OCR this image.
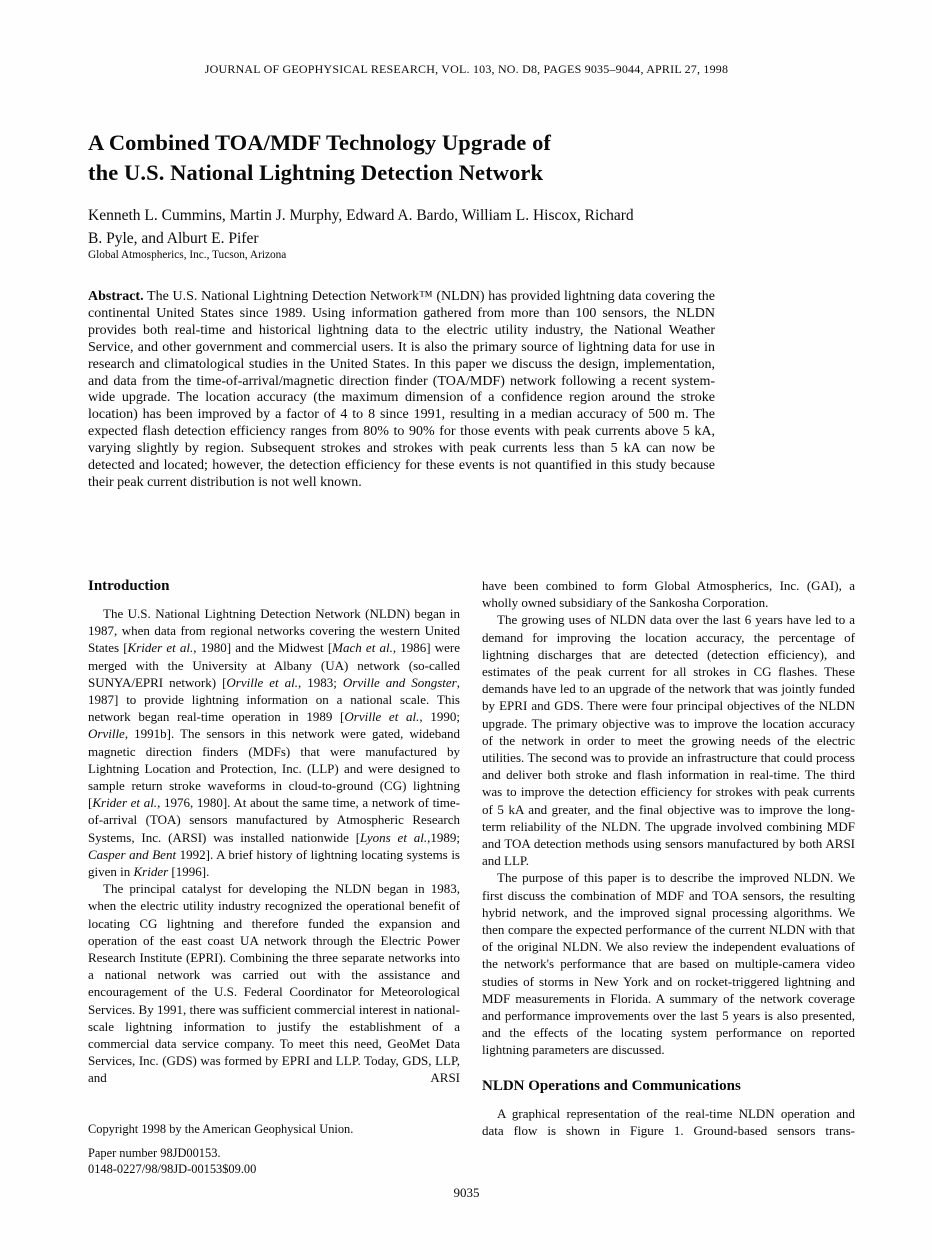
JOURNAL OF GEOPHYSICAL RESEARCH, VOL. 103, NO. D8, PAGES 9035–9044, APRIL 27, 1998
A Combined TOA/MDF Technology Upgrade of
the U.S. National Lightning Detection Network
Kenneth L. Cummins, Martin J. Murphy, Edward A. Bardo, William L. Hiscox, Richard
B. Pyle, and Alburt E. Pifer
Global Atmospherics, Inc., Tucson, Arizona
Abstract. The U.S. National Lightning Detection Network™ (NLDN) has provided lightning data covering the continental United States since 1989. Using information gathered from more than 100 sensors, the NLDN provides both real-time and historical lightning data to the electric utility industry, the National Weather Service, and other government and commercial users. It is also the primary source of lightning data for use in research and climatological studies in the United States. In this paper we discuss the design, implementation, and data from the time-of-arrival/magnetic direction finder (TOA/MDF) network following a recent system-wide upgrade. The location accuracy (the maximum dimension of a confidence region around the stroke location) has been improved by a factor of 4 to 8 since 1991, resulting in a median accuracy of 500 m. The expected flash detection efficiency ranges from 80% to 90% for those events with peak currents above 5 kA, varying slightly by region. Subsequent strokes and strokes with peak currents less than 5 kA can now be detected and located; however, the detection efficiency for these events is not quantified in this study because their peak current distribution is not well known.
Introduction

The U.S. National Lightning Detection Network (NLDN) began in 1987, when data from regional networks covering the western United States [Krider et al., 1980] and the Midwest [Mach et al., 1986] were merged with the University at Albany (UA) network (so-called SUNYA/EPRI network) [Orville et al., 1983; Orville and Songster, 1987] to provide lightning information on a national scale. This network began real-time operation in 1989 [Orville et al., 1990; Orville, 1991b]. The sensors in this network were gated, wideband magnetic direction finders (MDFs) that were manufactured by Lightning Location and Protection, Inc. (LLP) and were designed to sample return stroke waveforms in cloud-to-ground (CG) lightning [Krider et al., 1976, 1980]. At about the same time, a network of time-of-arrival (TOA) sensors manufactured by Atmospheric Research Systems, Inc. (ARSI) was installed nationwide [Lyons et al.,1989; Casper and Bent 1992]. A brief history of lightning locating systems is given in Krider [1996].

The principal catalyst for developing the NLDN began in 1983, when the electric utility industry recognized the operational benefit of locating CG lightning and therefore funded the expansion and operation of the east coast UA network through the Electric Power Research Institute (EPRI). Combining the three separate networks into a national network was carried out with the assistance and encouragement of the U.S. Federal Coordinator for Meteorological Services. By 1991, there was sufficient commercial interest in national-scale lightning information to justify the establishment of a commercial data service company. To meet this need, GeoMet Data Services, Inc. (GDS) was formed by EPRI and LLP. Today, GDS, LLP, and ARSI

have been combined to form Global Atmospherics, Inc. (GAI), a wholly owned subsidiary of the Sankosha Corporation.

The growing uses of NLDN data over the last 6 years have led to a demand for improving the location accuracy, the percentage of lightning discharges that are detected (detection efficiency), and estimates of the peak current for all strokes in CG flashes. These demands have led to an upgrade of the network that was jointly funded by EPRI and GDS. There were four principal objectives of the NLDN upgrade. The primary objective was to improve the location accuracy of the network in order to meet the growing needs of the electric utilities. The second was to provide an infrastructure that could process and deliver both stroke and flash information in real-time. The third was to improve the detection efficiency for strokes with peak currents of 5 kA and greater, and the final objective was to improve the long-term reliability of the NLDN. The upgrade involved combining MDF and TOA detection methods using sensors manufactured by both ARSI and LLP.

The purpose of this paper is to describe the improved NLDN. We first discuss the combination of MDF and TOA sensors, the resulting hybrid network, and the improved signal processing algorithms. We then compare the expected performance of the current NLDN with that of the original NLDN. We also review the independent evaluations of the network's performance that are based on multiple-camera video studies of storms in New York and on rocket-triggered lightning and MDF measurements in Florida. A summary of the network coverage and performance improvements over the last 5 years is also presented, and the effects of the locating system performance on reported lightning parameters are discussed.

NLDN Operations and Communications

A graphical representation of the real-time NLDN operation and data flow is shown in Figure 1. Ground-based sensors trans-

Copyright 1998 by the American Geophysical Union.
Paper number 98JD00153.
0148-0227/98/98JD-00153$09.00
9035
